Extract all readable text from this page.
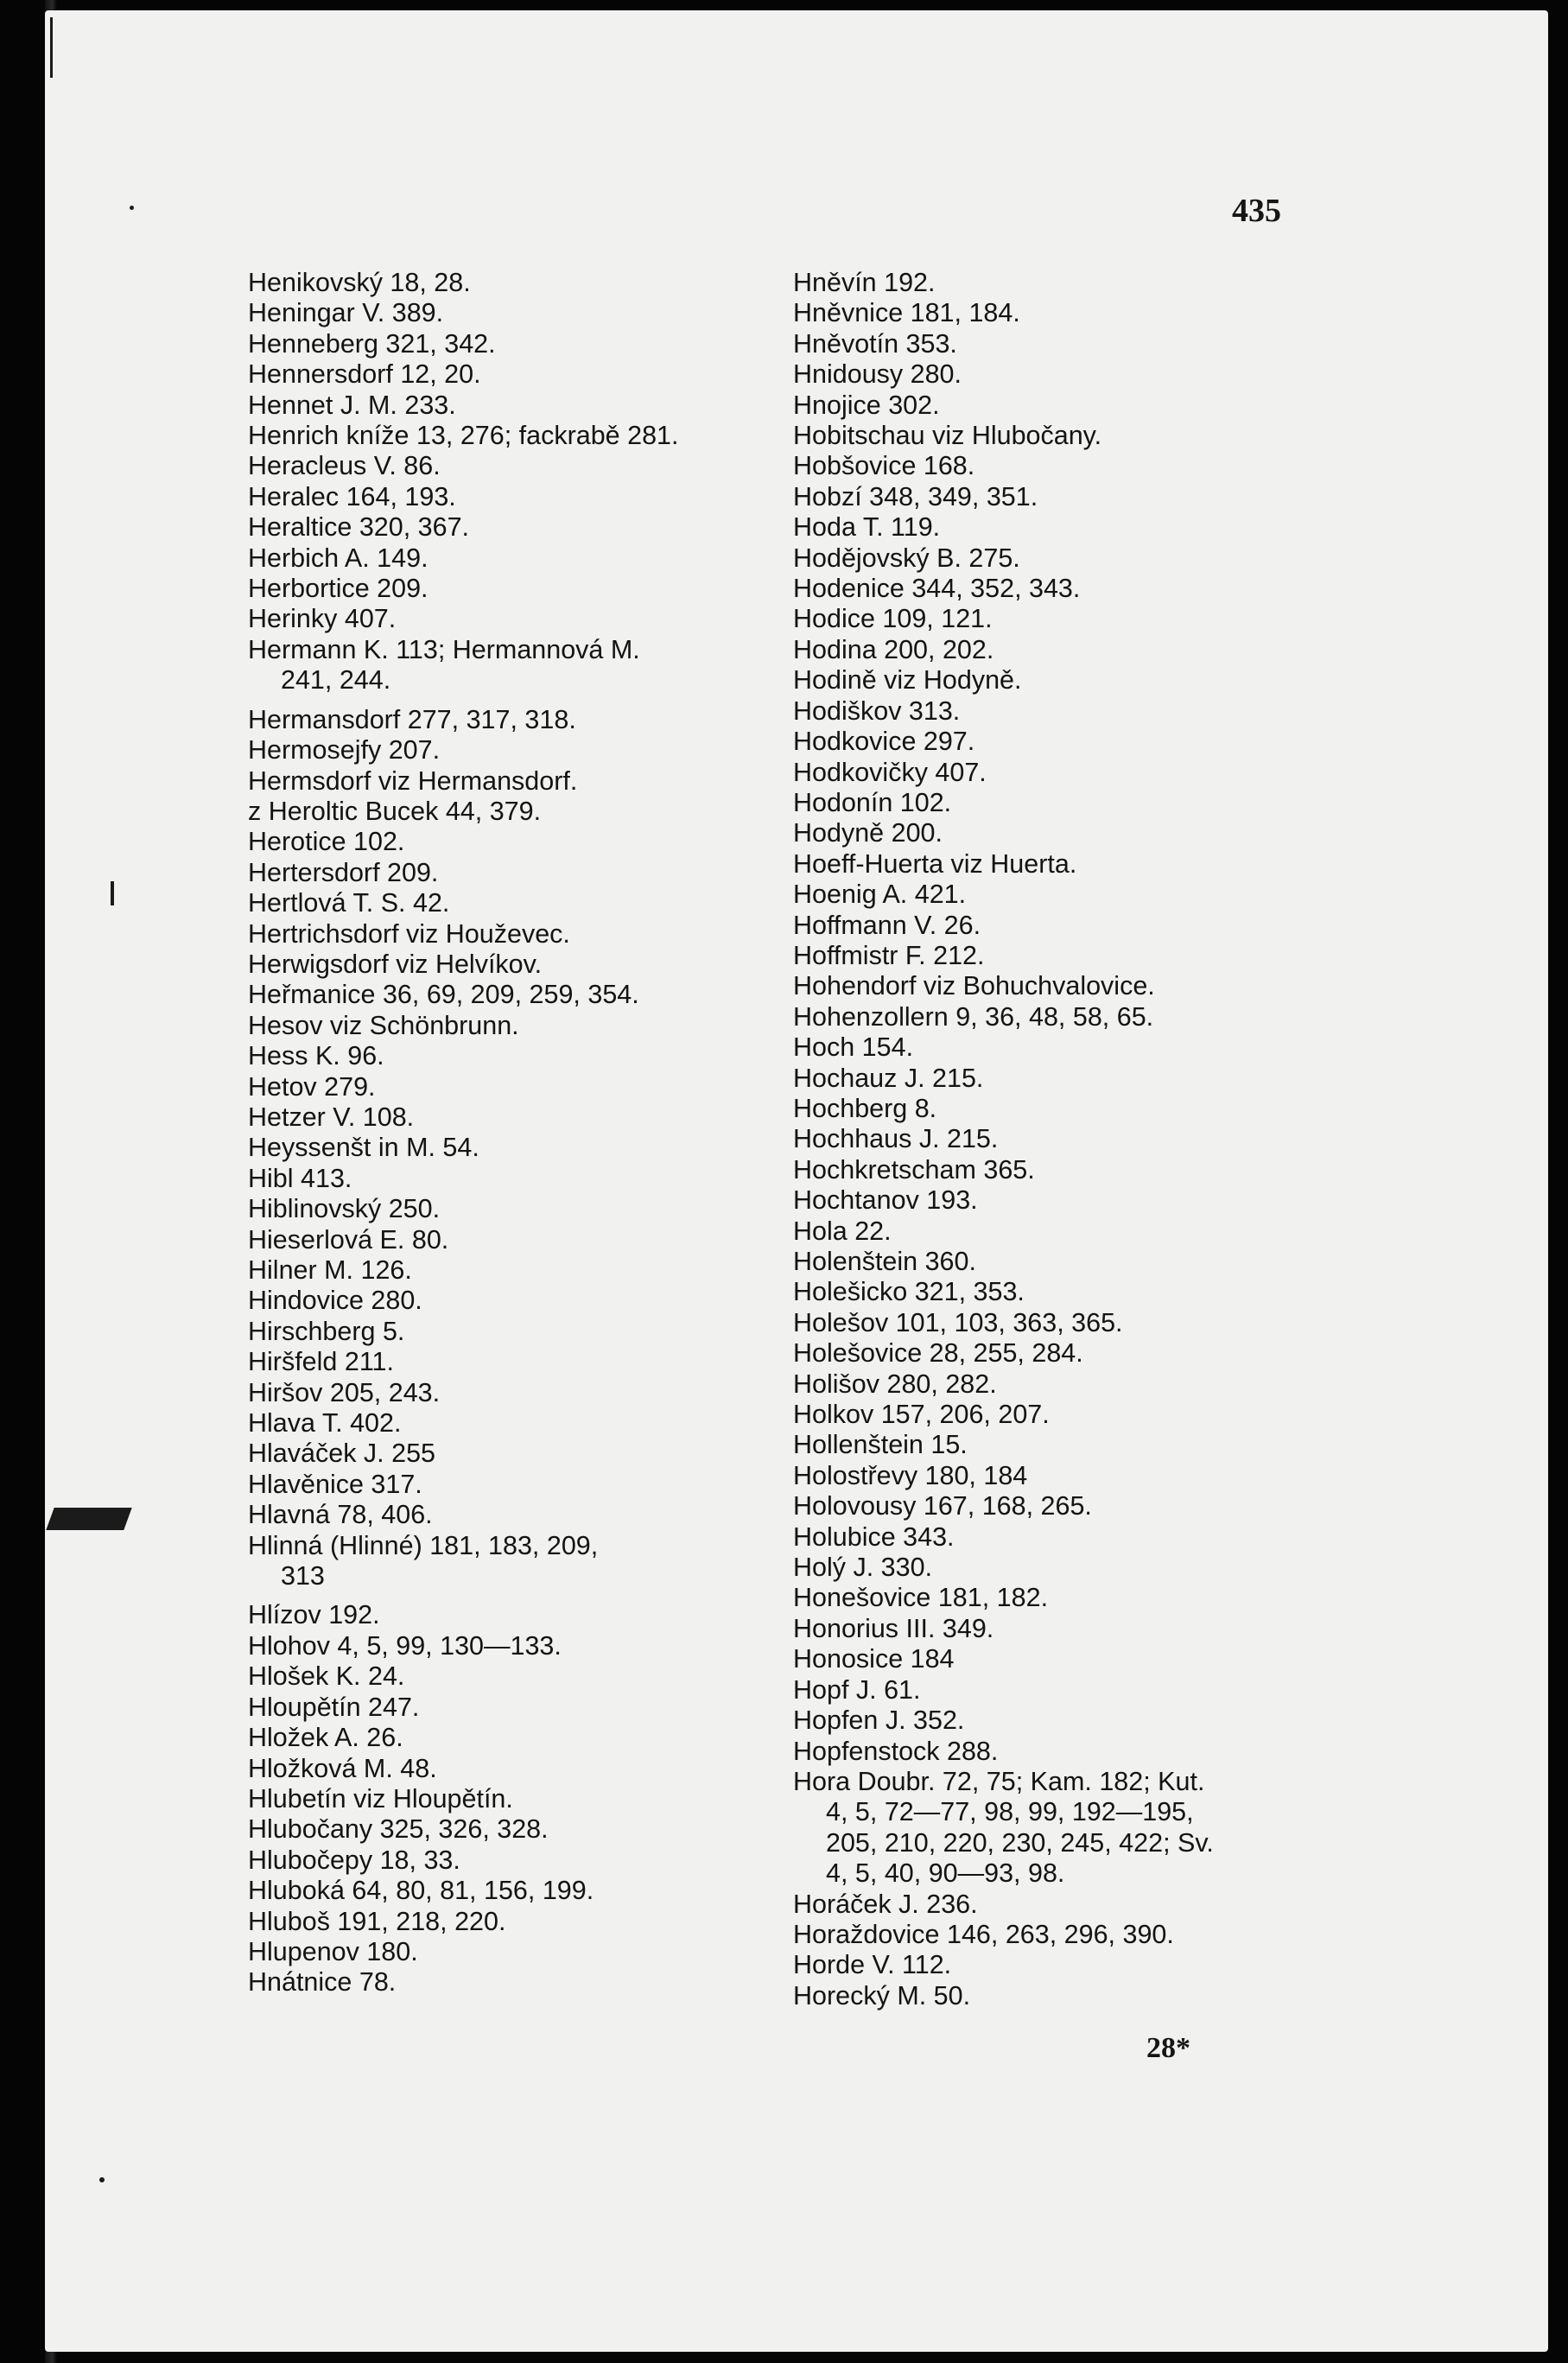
435
Henikovský 18, 28.
Heningar V. 389.
Henneberg 321, 342.
Hennersdorf 12, 20.
Hennet J. M. 233.
Henrich kníže 13, 276; fackrabě 281.
Heracleus V. 86.
Heralec 164, 193.
Heraltice 320, 367.
Herbich A. 149.
Herbortice 209.
Herinky 407.
Hermann K. 113; Hermannová M.
241, 244.
Hermansdorf 277, 317, 318.
Hermosejfy 207.
Hermsdorf viz Hermansdorf.
z Heroltic Bucek 44, 379.
Herotice 102.
Hertersdorf 209.
Hertlová T. S. 42.
Hertrichsdorf viz Houževec.
Herwigsdorf viz Helvíkov.
Heřmanice 36, 69, 209, 259, 354.
Hesov viz Schönbrunn.
Hess K. 96.
Hetov 279.
Hetzer V. 108.
Heyssenšt in M. 54.
Hibl 413.
Hiblinovský 250.
Hieserlová E. 80.
Hilner M. 126.
Hindovice 280.
Hirschberg 5.
Hiršfeld 211.
Hiršov 205, 243.
Hlava T. 402.
Hlaváček J. 255
Hlavěnice 317.
Hlavná 78, 406.
Hlinná (Hlinné) 181, 183, 209,
313
Hlízov 192.
Hlohov 4, 5, 99, 130—133.
Hlošek K. 24.
Hloupětín 247.
Hložek A. 26.
Hložková M. 48.
Hlubetín viz Hloupětín.
Hlubočany 325, 326, 328.
Hlubočepy 18, 33.
Hluboká 64, 80, 81, 156, 199.
Hluboš 191, 218, 220.
Hlupenov 180.
Hnátnice 78.
Hněvín 192.
Hněvnice 181, 184.
Hněvotín 353.
Hnidousy 280.
Hnojice 302.
Hobitschau viz Hlubočany.
Hobšovice 168.
Hobzí 348, 349, 351.
Hoda T. 119.
Hodějovský B. 275.
Hodenice 344, 352, 343.
Hodice 109, 121.
Hodina 200, 202.
Hodině viz Hodyně.
Hodiškov 313.
Hodkovice 297.
Hodkovičky 407.
Hodonín 102.
Hodyně 200.
Hoeff-Huerta viz Huerta.
Hoenig A. 421.
Hoffmann V. 26.
Hoffmistr F. 212.
Hohendorf viz Bohuchvalovice.
Hohenzollern 9, 36, 48, 58, 65.
Hoch 154.
Hochauz J. 215.
Hochberg 8.
Hochhaus J. 215.
Hochkretscham 365.
Hochtanov 193.
Hola 22.
Holenštein 360.
Holešicko 321, 353.
Holešov 101, 103, 363, 365.
Holešovice 28, 255, 284.
Holišov 280, 282.
Holkov 157, 206, 207.
Hollenštein 15.
Holostřevy 180, 184
Holovousy 167, 168, 265.
Holubice 343.
Holý J. 330.
Honešovice 181, 182.
Honorius III. 349.
Honosice 184
Hopf J. 61.
Hopfen J. 352.
Hopfenstock 288.
Hora Doubr. 72, 75; Kam. 182; Kut.
4, 5, 72—77, 98, 99, 192—195,
205, 210, 220, 230, 245, 422; Sv.
4, 5, 40, 90—93, 98.
Horáček J. 236.
Horaždovice 146, 263, 296, 390.
Horde V. 112.
Horecký M. 50.
28*
